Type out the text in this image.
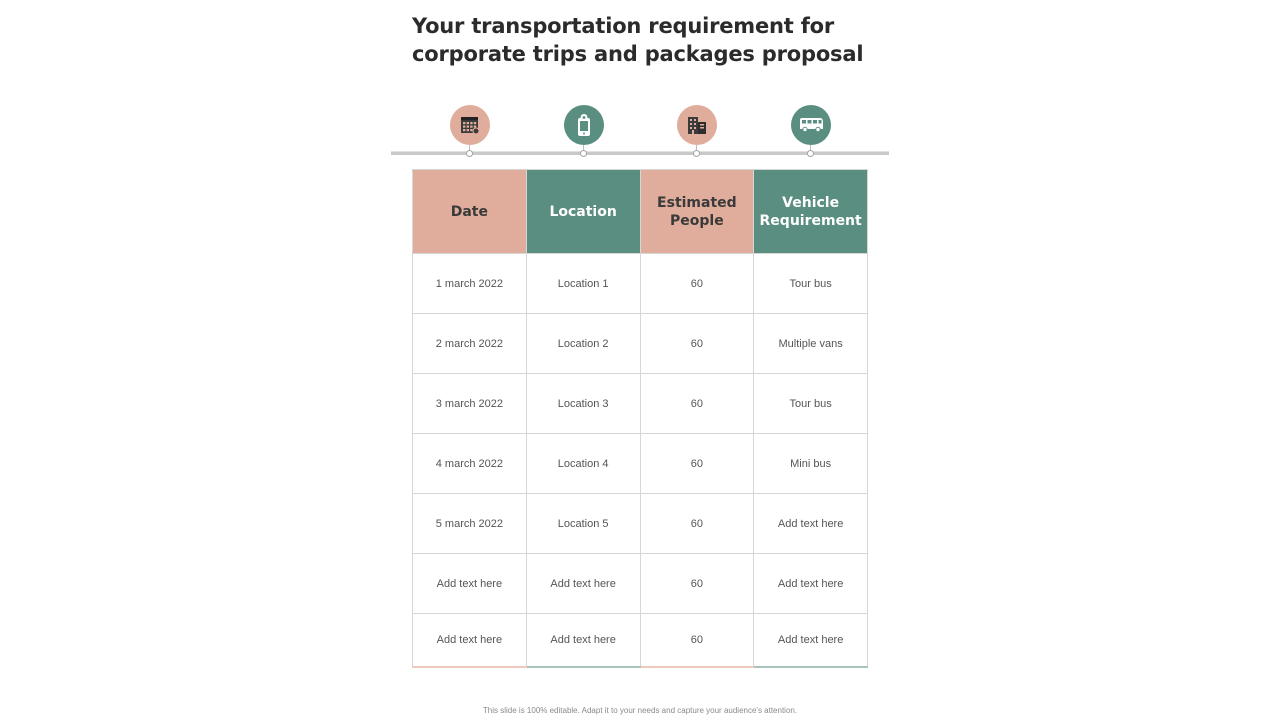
Your transportation requirement for corporate trips and packages proposal
Date	Location	Estimated People	Vehicle Requirement
1 march 2022	Location 1	60	Tour bus
2 march 2022	Location 2	60	Multiple vans
3 march 2022	Location 3	60	Tour bus
4 march 2022	Location 4	60	Mini bus
5 march 2022	Location 5	60	Add text here
Add text here	Add text here	60	Add text here
Add text here	Add text here	60	Add text here
This slide is 100% editable. Adapt it to your needs and capture your audience's attention.
